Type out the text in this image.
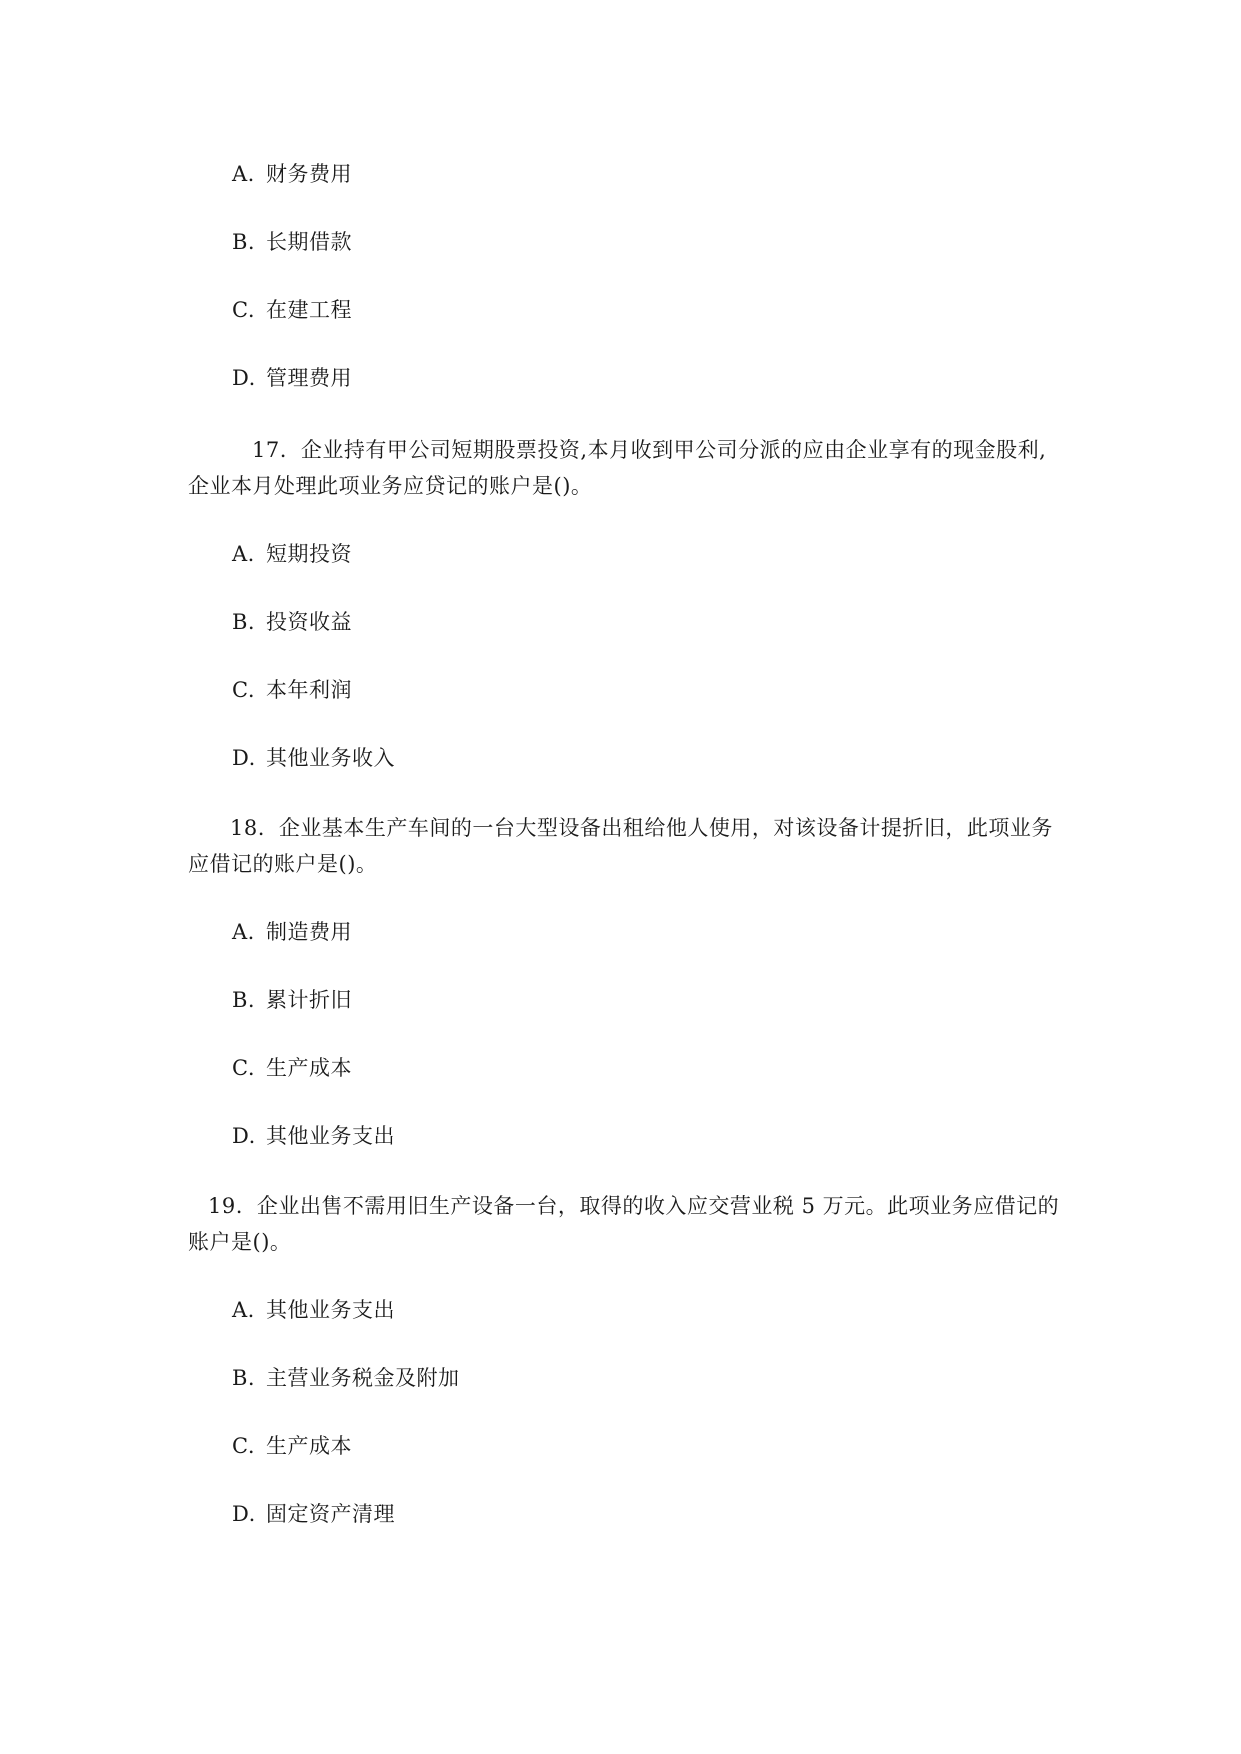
A. 财务费用
B. 长期借款
C. 在建工程
D. 管理费用
17. 企业持有甲公司短期股票投资,本月收到甲公司分派的应由企业享有的现金股利,
企业本月处理此项业务应贷记的账户是()。
A. 短期投资
B. 投资收益
C. 本年利润
D. 其他业务收入
18. 企业基本生产车间的一台大型设备出租给他人使用，对该设备计提折旧，此项业务
应借记的账户是()。
A. 制造费用
B. 累计折旧
C. 生产成本
D. 其他业务支出
19. 企业出售不需用旧生产设备一台，取得的收入应交营业税 5 万元。此项业务应借记的
账户是()。
A. 其他业务支出
B. 主营业务税金及附加
C. 生产成本
D. 固定资产清理
